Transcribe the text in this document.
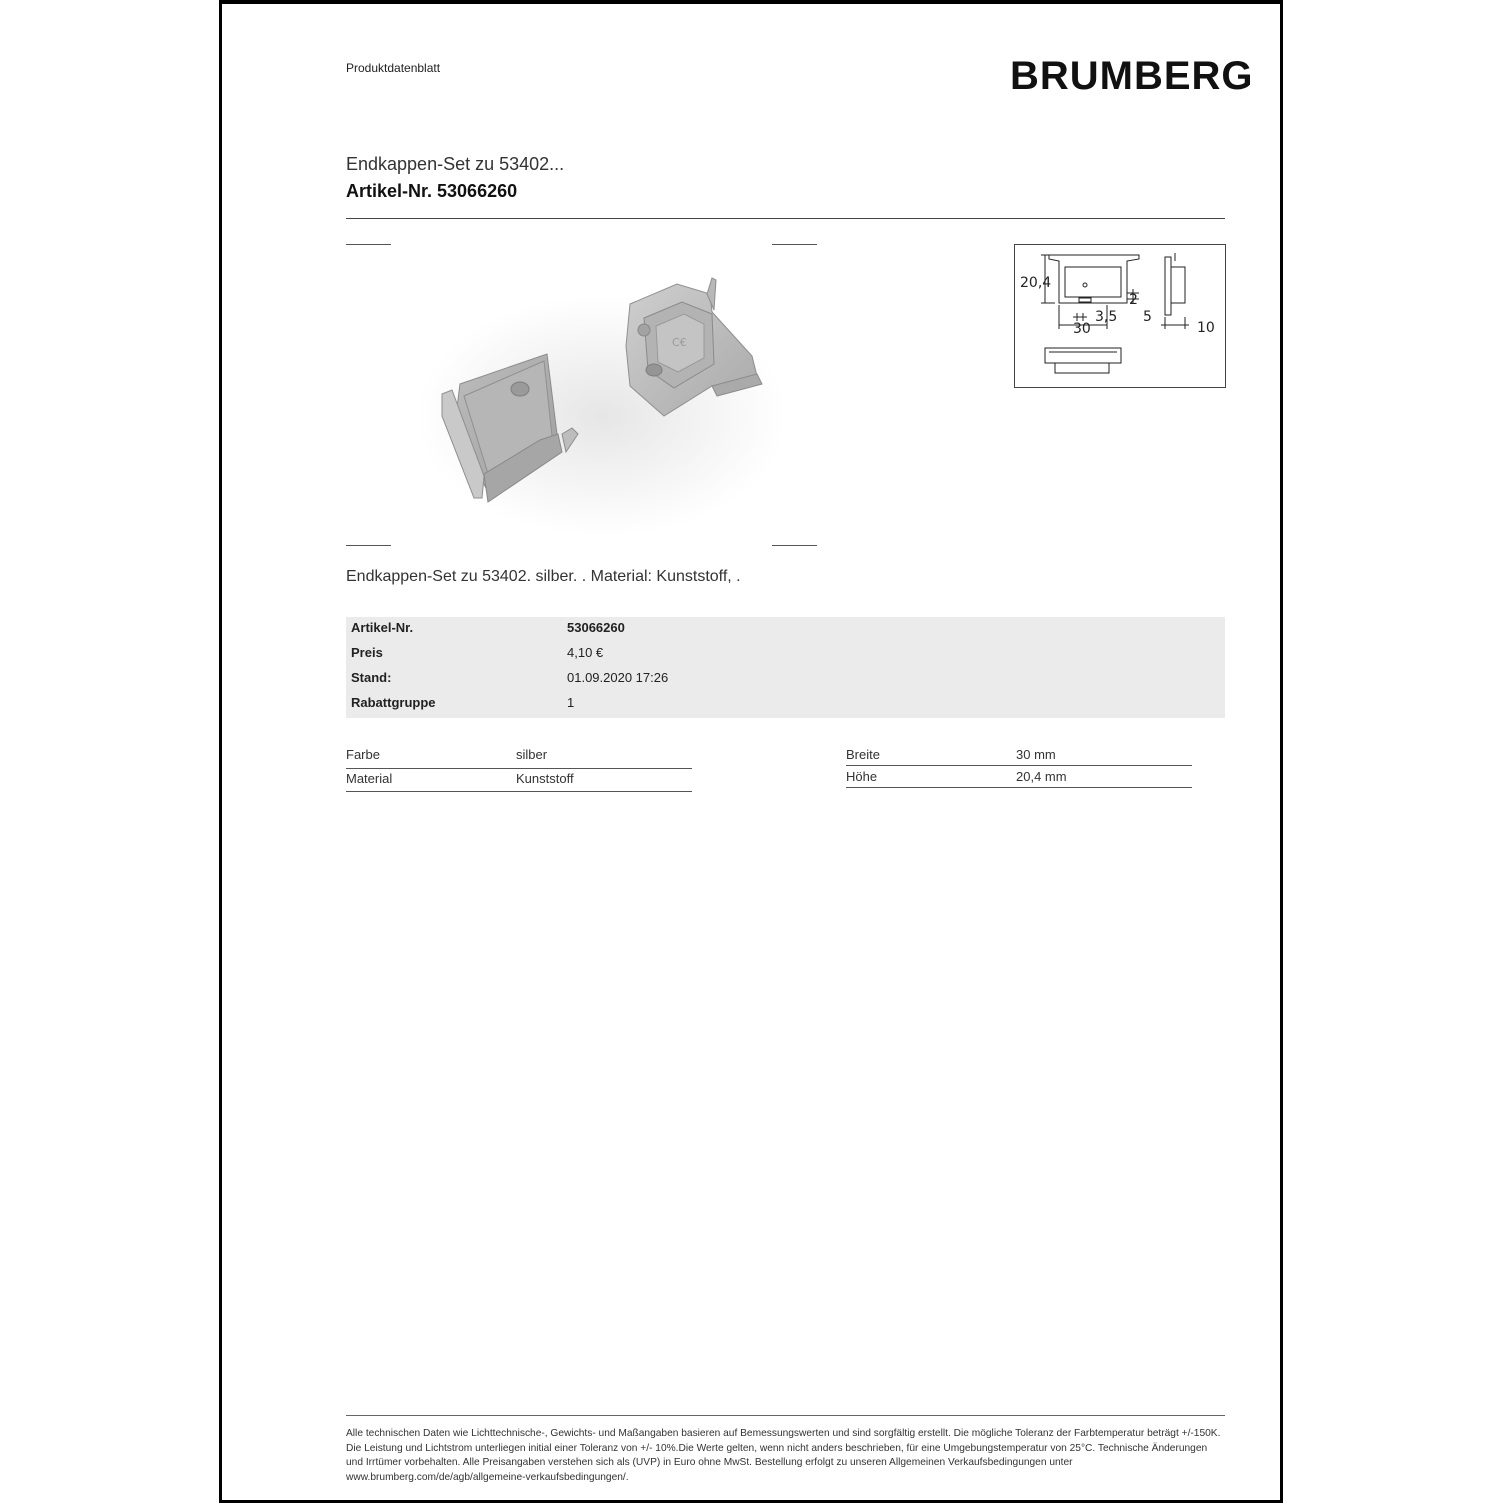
Produktdatenblatt	BRUMBERG
Endkappen-Set zu 53402...
Artikel-Nr. 53066260
C€
20,4
2
3,5
30
5
10
Endkappen-Set zu 53402. silber. . Material: Kunststoff, .
Artikel-Nr.	53066260
Preis	4,10 €
Stand:	01.09.2020 17:26
Rabattgruppe	1
Farbe	silber
Material	Kunststoff
Breite	30 mm
Höhe	20,4 mm
Alle technischen Daten wie Lichttechnische-, Gewichts- und Maßangaben basieren auf Bemessungswerten und sind sorgfältig erstellt. Die mögliche Toleranz der Farbtemperatur beträgt +/-150K. Die Leistung und Lichtstrom unterliegen initial einer Toleranz von +/- 10%.Die Werte gelten, wenn nicht anders beschrieben, für eine Umgebungstemperatur von 25°C. Technische Änderungen und Irrtümer vorbehalten. Alle Preisangaben verstehen sich als (UVP) in Euro ohne MwSt. Bestellung erfolgt zu unseren Allgemeinen Verkaufsbedingungen unter www.brumberg.com/de/agb/allgemeine-verkaufsbedingungen/.
